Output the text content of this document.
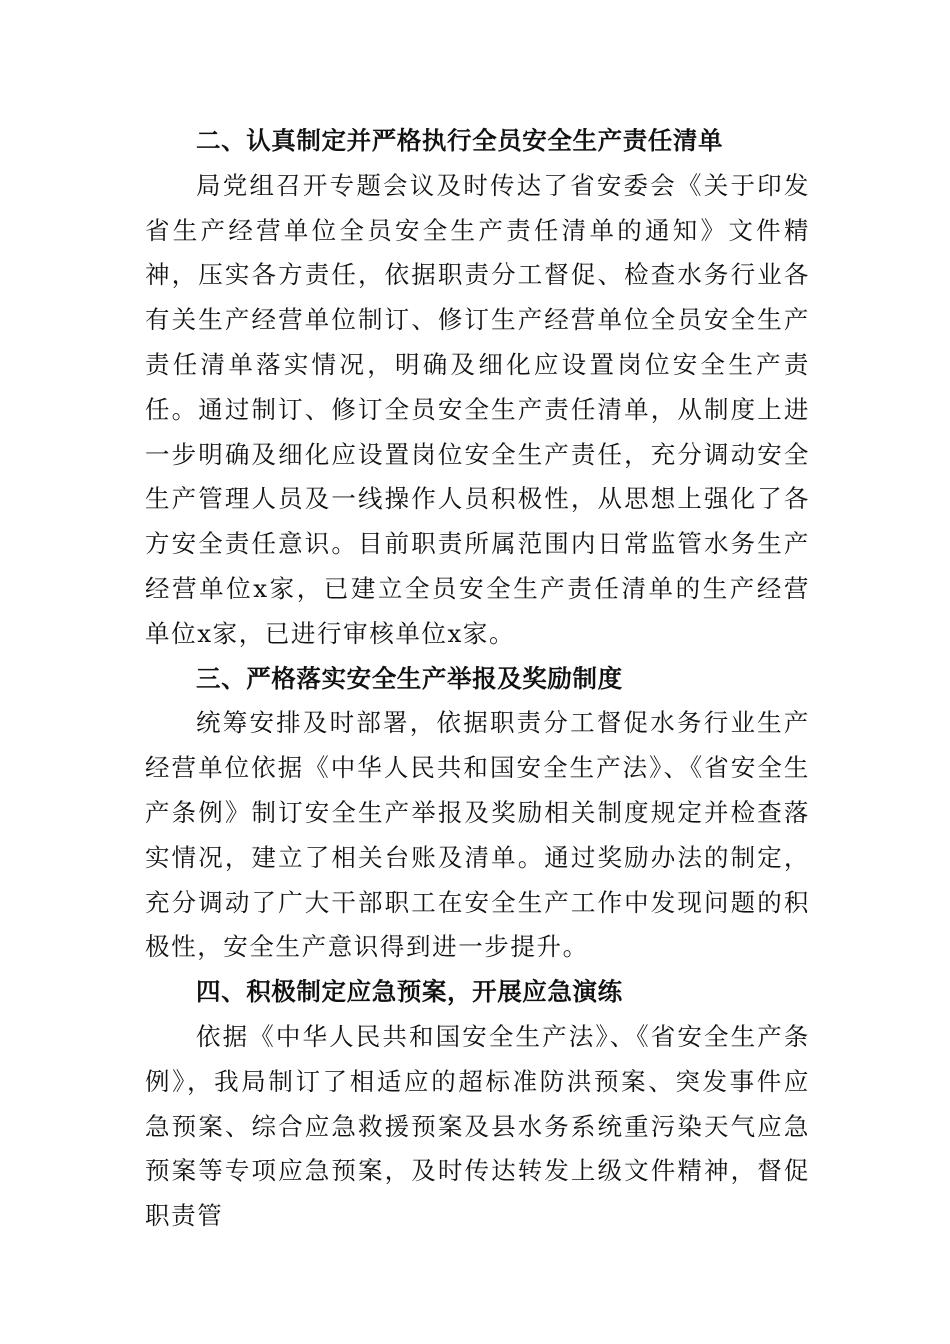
二、认真制定并严格执行全员安全生产责任清单

局党组召开专题会议及时传达了省安委会《关于印发省生产经营单位全员安全生产责任清单的通知》文件精神，压实各方责任，依据职责分工督促、检查水务行业各有关生产经营单位制订、修订生产经营单位全员安全生产责任清单落实情况，明确及细化应设置岗位安全生产责任。通过制订、修订全员安全生产责任清单，从制度上进一步明确及细化应设置岗位安全生产责任，充分调动安全生产管理人员及一线操作人员积极性，从思想上强化了各方安全责任意识。目前职责所属范围内日常监管水务生产经营单位x家，已建立全员安全生产责任清单的生产经营单位x家，已进行审核单位x家。

三、严格落实安全生产举报及奖励制度

统筹安排及时部署，依据职责分工督促水务行业生产经营单位依据《中华人民共和国安全生产法》、《省安全生产条例》制订安全生产举报及奖励相关制度规定并检查落实情况，建立了相关台账及清单。通过奖励办法的制定，充分调动了广大干部职工在安全生产工作中发现问题的积极性，安全生产意识得到进一步提升。

四、积极制定应急预案，开展应急演练

依据《中华人民共和国安全生产法》、《省安全生产条例》，我局制订了相适应的超标准防洪预案、突发事件应急预案、综合应急救援预案及县水务系统重污染天气应急预案等专项应急预案，及时传达转发上级文件精神，督促职责管
